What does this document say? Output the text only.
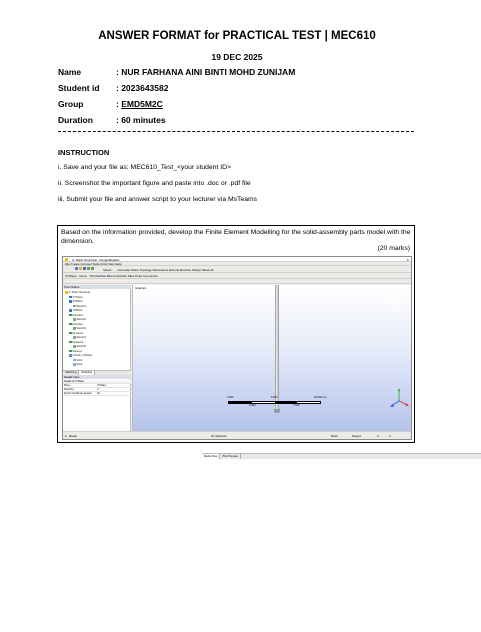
ANSWER FORMAT for PRACTICAL TEST | MEC610
19 DEC 2025
Name	: NUR FARHANA AINI BINTI MOHD ZUNIJAM
Student id	: 2023643582
Group	: EMD5M2C
Duration	: 60 minutes
INSTRUCTION
i. Save and your file as; MEC610_Test_<your student ID>
ii. Screenshot the important figure and paste into .doc or .pdf file
iii. Submit your file and answer script to your lecturer via MsTeams
Based on the information provided, develop the Finite Element Modelling for the solid-assembly parts model with the dimension.
(20 marks)
A: Static Structural - DesignModeler	✕
File Create Concept Tools Units View Help
Select · · · Generate Share Topology Parameters Extrude Revolve Sweep Skin/Loft
XYPlane · None · Thin/Surface Blend Chamfer Slice Point Conversion
Tree Outline
A: Static Structural
XYPlane
ZXPlane
Sketch1
YZPlane
Extrude1
Sketch2
Extrude2
Sketch3
Revolve1
Sketch4
Revolve2
Sketch5
Sweep1
2 Parts, 2 Bodies
Solid
Solid
Sketching Modeling
Details View
Details of XYPlane
Plane	XYPlane
Sketches	0
Export Coordinate System No
Graphics
Ansys
2023 R2
STUDENT
0.000	5.000	10.000 (m)
2.500	7.500
Model View Print Preview
● Ready	No Selection	Meter	Degree	0	0
